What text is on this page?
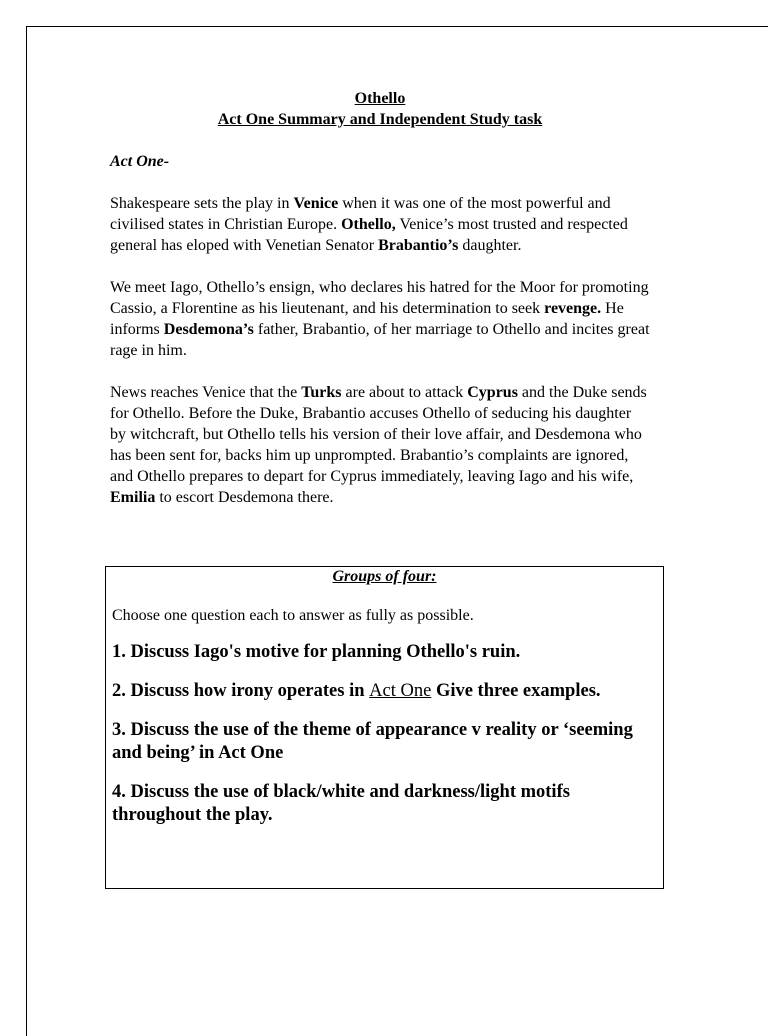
Othello
Act One Summary and Independent Study task
Act One-

Shakespeare sets the play in Venice when it was one of the most powerful and civilised states in Christian Europe. Othello, Venice’s most trusted and respected general has eloped with Venetian Senator Brabantio’s daughter.

We meet Iago, Othello’s ensign, who declares his hatred for the Moor for promoting Cassio, a Florentine as his lieutenant, and his determination to seek revenge. He informs Desdemona’s father, Brabantio, of her marriage to Othello and incites great rage in him.

News reaches Venice that the Turks are about to attack Cyprus and the Duke sends for Othello. Before the Duke, Brabantio accuses Othello of seducing his daughter by witchcraft, but Othello tells his version of their love affair, and Desdemona who has been sent for, backs him up unprompted. Brabantio’s complaints are ignored, and Othello prepares to depart for Cyprus immediately, leaving Iago and his wife, Emilia to escort Desdemona there.

Groups of four:
Choose one question each to answer as fully as possible.
1. Discuss Iago's motive for planning Othello's ruin.
2. Discuss how irony operates in Act One Give three examples.
3. Discuss the use of the theme of appearance v reality or ‘seeming and being’ in Act One
4. Discuss the use of black/white and darkness/light motifs throughout the play.
